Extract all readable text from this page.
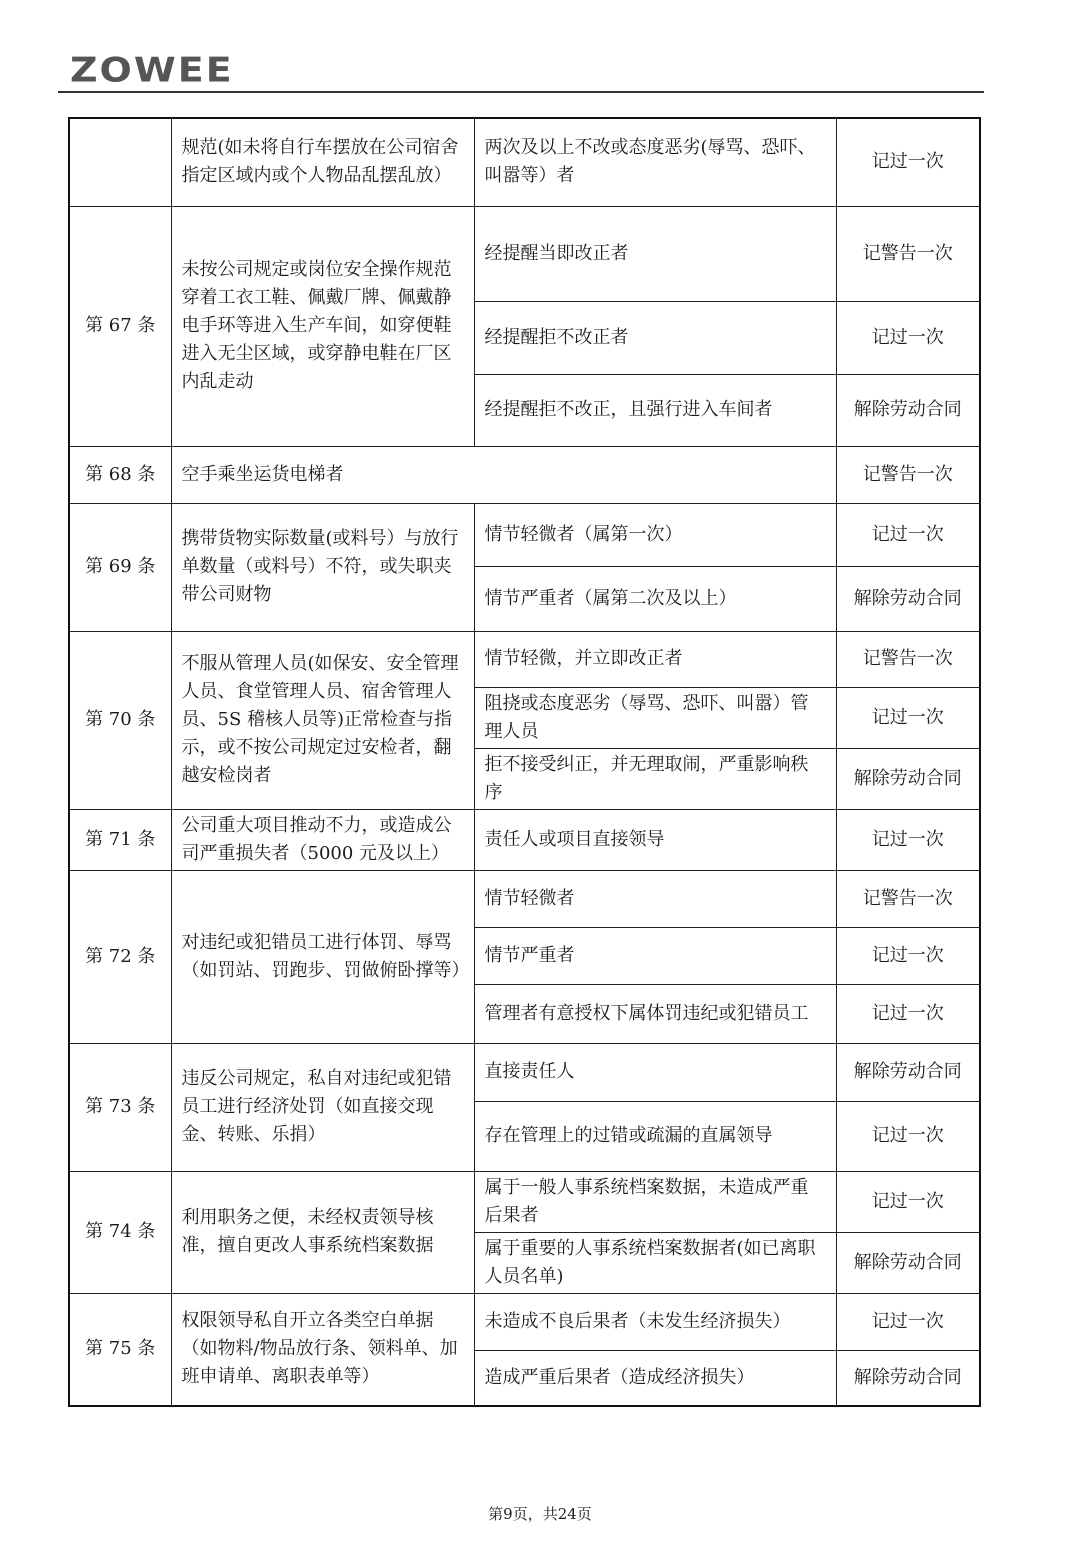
ZOWEE
	规范(如未将自行车摆放在公司宿舍指定区域内或个人物品乱摆乱放）	两次及以上不改或态度恶劣(辱骂、恐吓、叫嚣等）者	记过一次
第 67 条	未按公司规定或岗位安全操作规范穿着工衣工鞋、佩戴厂牌、佩戴静电手环等进入生产车间，如穿便鞋进入无尘区域，或穿静电鞋在厂区内乱走动	经提醒当即改正者	记警告一次
		经提醒拒不改正者	记过一次
		经提醒拒不改正，且强行进入车间者	解除劳动合同
第 68 条	空手乘坐运货电梯者		记警告一次
第 69 条	携带货物实际数量(或料号）与放行单数量（或料号）不符，或失职夹带公司财物	情节轻微者（属第一次）	记过一次
		情节严重者（属第二次及以上）	解除劳动合同
第 70 条	不服从管理人员(如保安、安全管理人员、食堂管理人员、宿舍管理人员、5S 稽核人员等)正常检查与指示，或不按公司规定过安检者，翻越安检岗者	情节轻微，并立即改正者	记警告一次
		阻挠或态度恶劣（辱骂、恐吓、叫嚣）管理人员	记过一次
		拒不接受纠正，并无理取闹，严重影响秩序	解除劳动合同
第 71 条	公司重大项目推动不力，或造成公司严重损失者（5000 元及以上）	责任人或项目直接领导	记过一次
第 72 条	对违纪或犯错员工进行体罚、辱骂（如罚站、罚跑步、罚做俯卧撑等）	情节轻微者	记警告一次
		情节严重者	记过一次
		管理者有意授权下属体罚违纪或犯错员工	记过一次
第 73 条	违反公司规定，私自对违纪或犯错员工进行经济处罚（如直接交现金、转账、乐捐）	直接责任人	解除劳动合同
		存在管理上的过错或疏漏的直属领导	记过一次
第 74 条	利用职务之便，未经权责领导核准，擅自更改人事系统档案数据	属于一般人事系统档案数据，未造成严重后果者	记过一次
		属于重要的人事系统档案数据者(如已离职人员名单)	解除劳动合同
第 75 条	权限领导私自开立各类空白单据（如物料/物品放行条、领料单、加班申请单、离职表单等）	未造成不良后果者（未发生经济损失）	记过一次
		造成严重后果者（造成经济损失）	解除劳动合同
第9页，共24页
